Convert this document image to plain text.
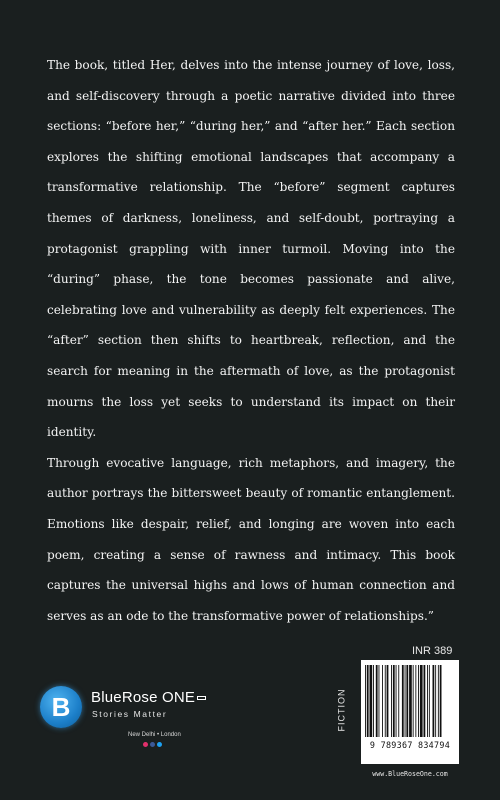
The book, titled Her, delves into the intense journey of love, loss, and self-discovery through a poetic narrative divided into three sections: “before her,” “during her,” and “after her.” Each section explores the shifting emotional landscapes that accompany a transformative relationship. The “before” segment captures themes of darkness, loneliness, and self-doubt, portraying a protagonist grappling with inner turmoil. Moving into the “during” phase, the tone becomes passionate and alive, celebrating love and vulnerability as deeply felt experiences. The “after” section then shifts to heartbreak, reflection, and the search for meaning in the aftermath of love, as the protagonist mourns the loss yet seeks to understand its impact on their identity.

Through evocative language, rich metaphors, and imagery, the author portrays the bittersweet beauty of romantic entanglement. Emotions like despair, relief, and longing are woven into each poem, creating a sense of rawness and intimacy. This book captures the universal highs and lows of human connection and serves as an ode to the transformative power of relationships.”

INR 389
B	BlueRose ONE
Stories Matter
New Delhi • London
FICTION
9 789367 834794
www.BlueRoseOne.com
